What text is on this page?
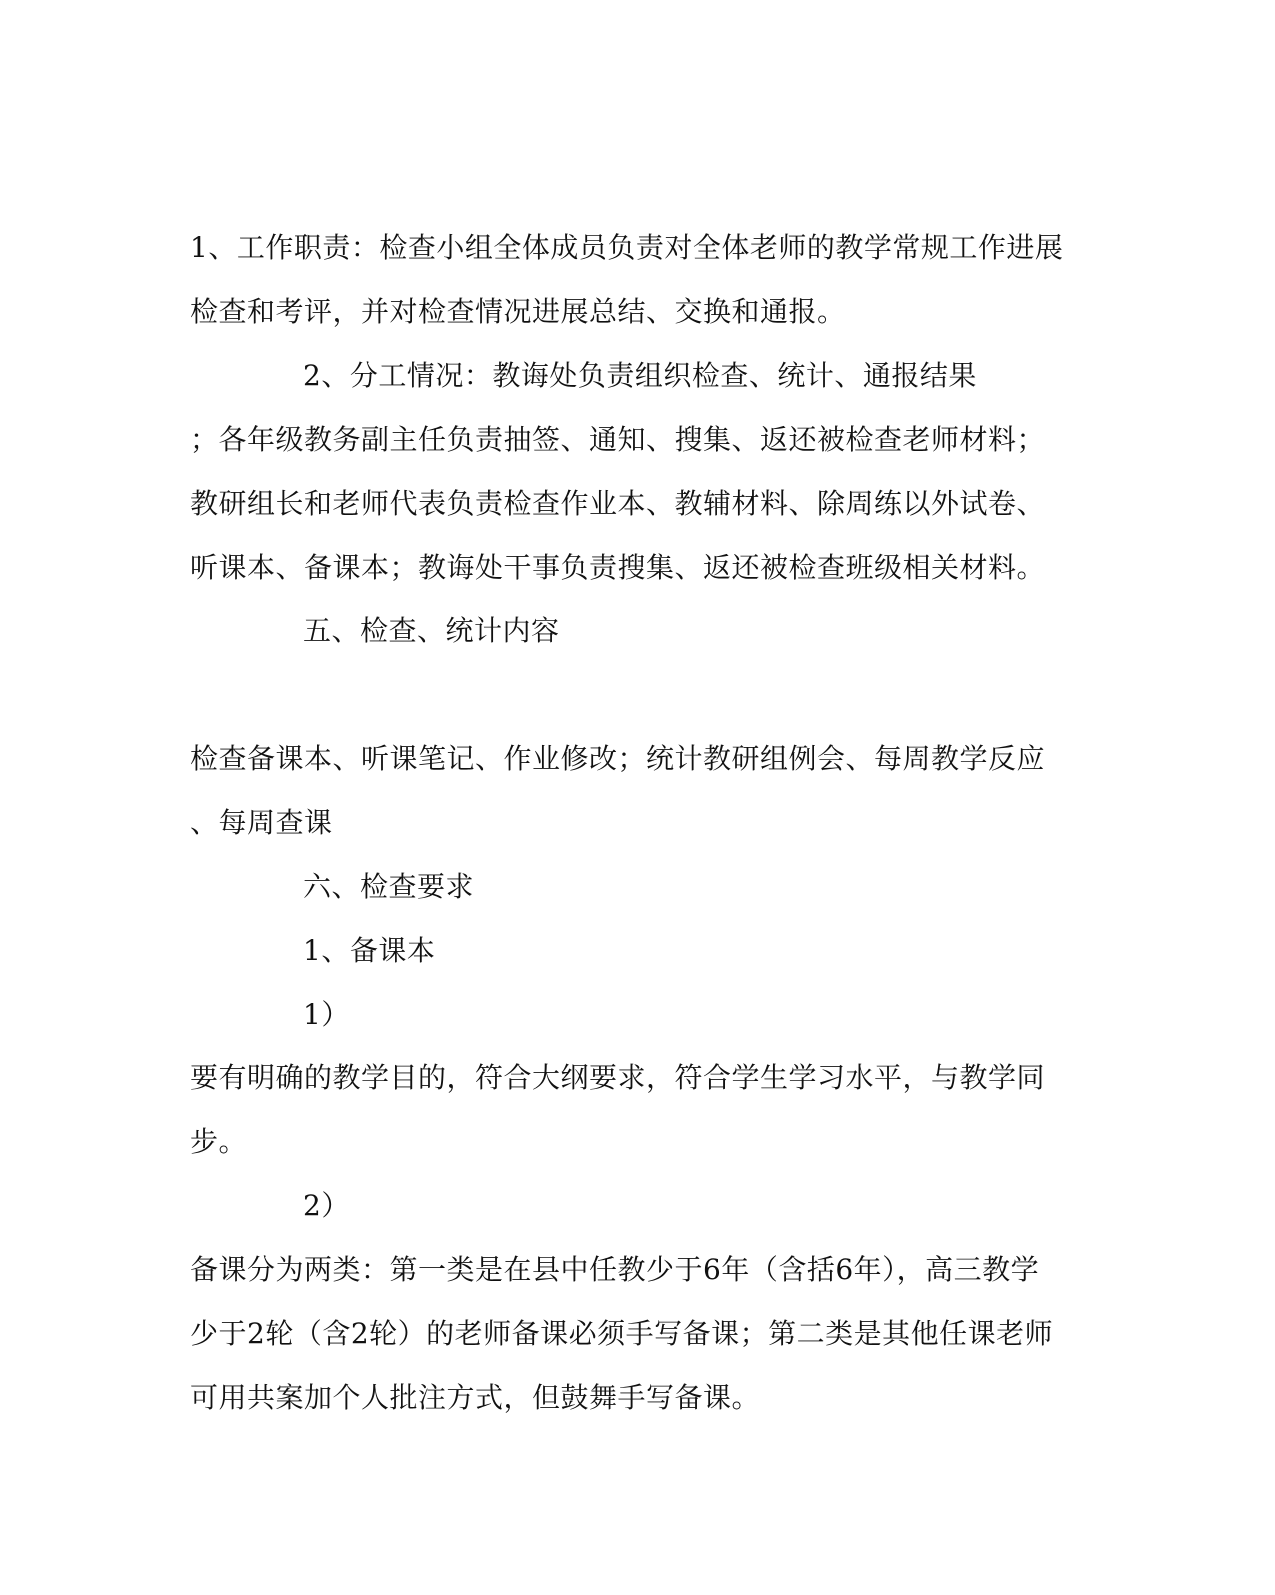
1、工作职责：检查小组全体成员负责对全体老师的教学常规工作进展
检查和考评，并对检查情况进展总结、交换和通报。
2、分工情况：教诲处负责组织检查、统计、通报结果
；各年级教务副主任负责抽签、通知、搜集、返还被检查老师材料；
教研组长和老师代表负责检查作业本、教辅材料、除周练以外试卷、
听课本、备课本；教诲处干事负责搜集、返还被检查班级相关材料。
五、检查、统计内容
检查备课本、听课笔记、作业修改；统计教研组例会、每周教学反应
、每周查课
六、检查要求
1、备课本
1）
要有明确的教学目的，符合大纲要求，符合学生学习水平，与教学同
步。
2）
备课分为两类：第一类是在县中任教少于6年（含括6年），高三教学
少于2轮（含2轮）的老师备课必须手写备课；第二类是其他任课老师
可用共案加个人批注方式，但鼓舞手写备课。
